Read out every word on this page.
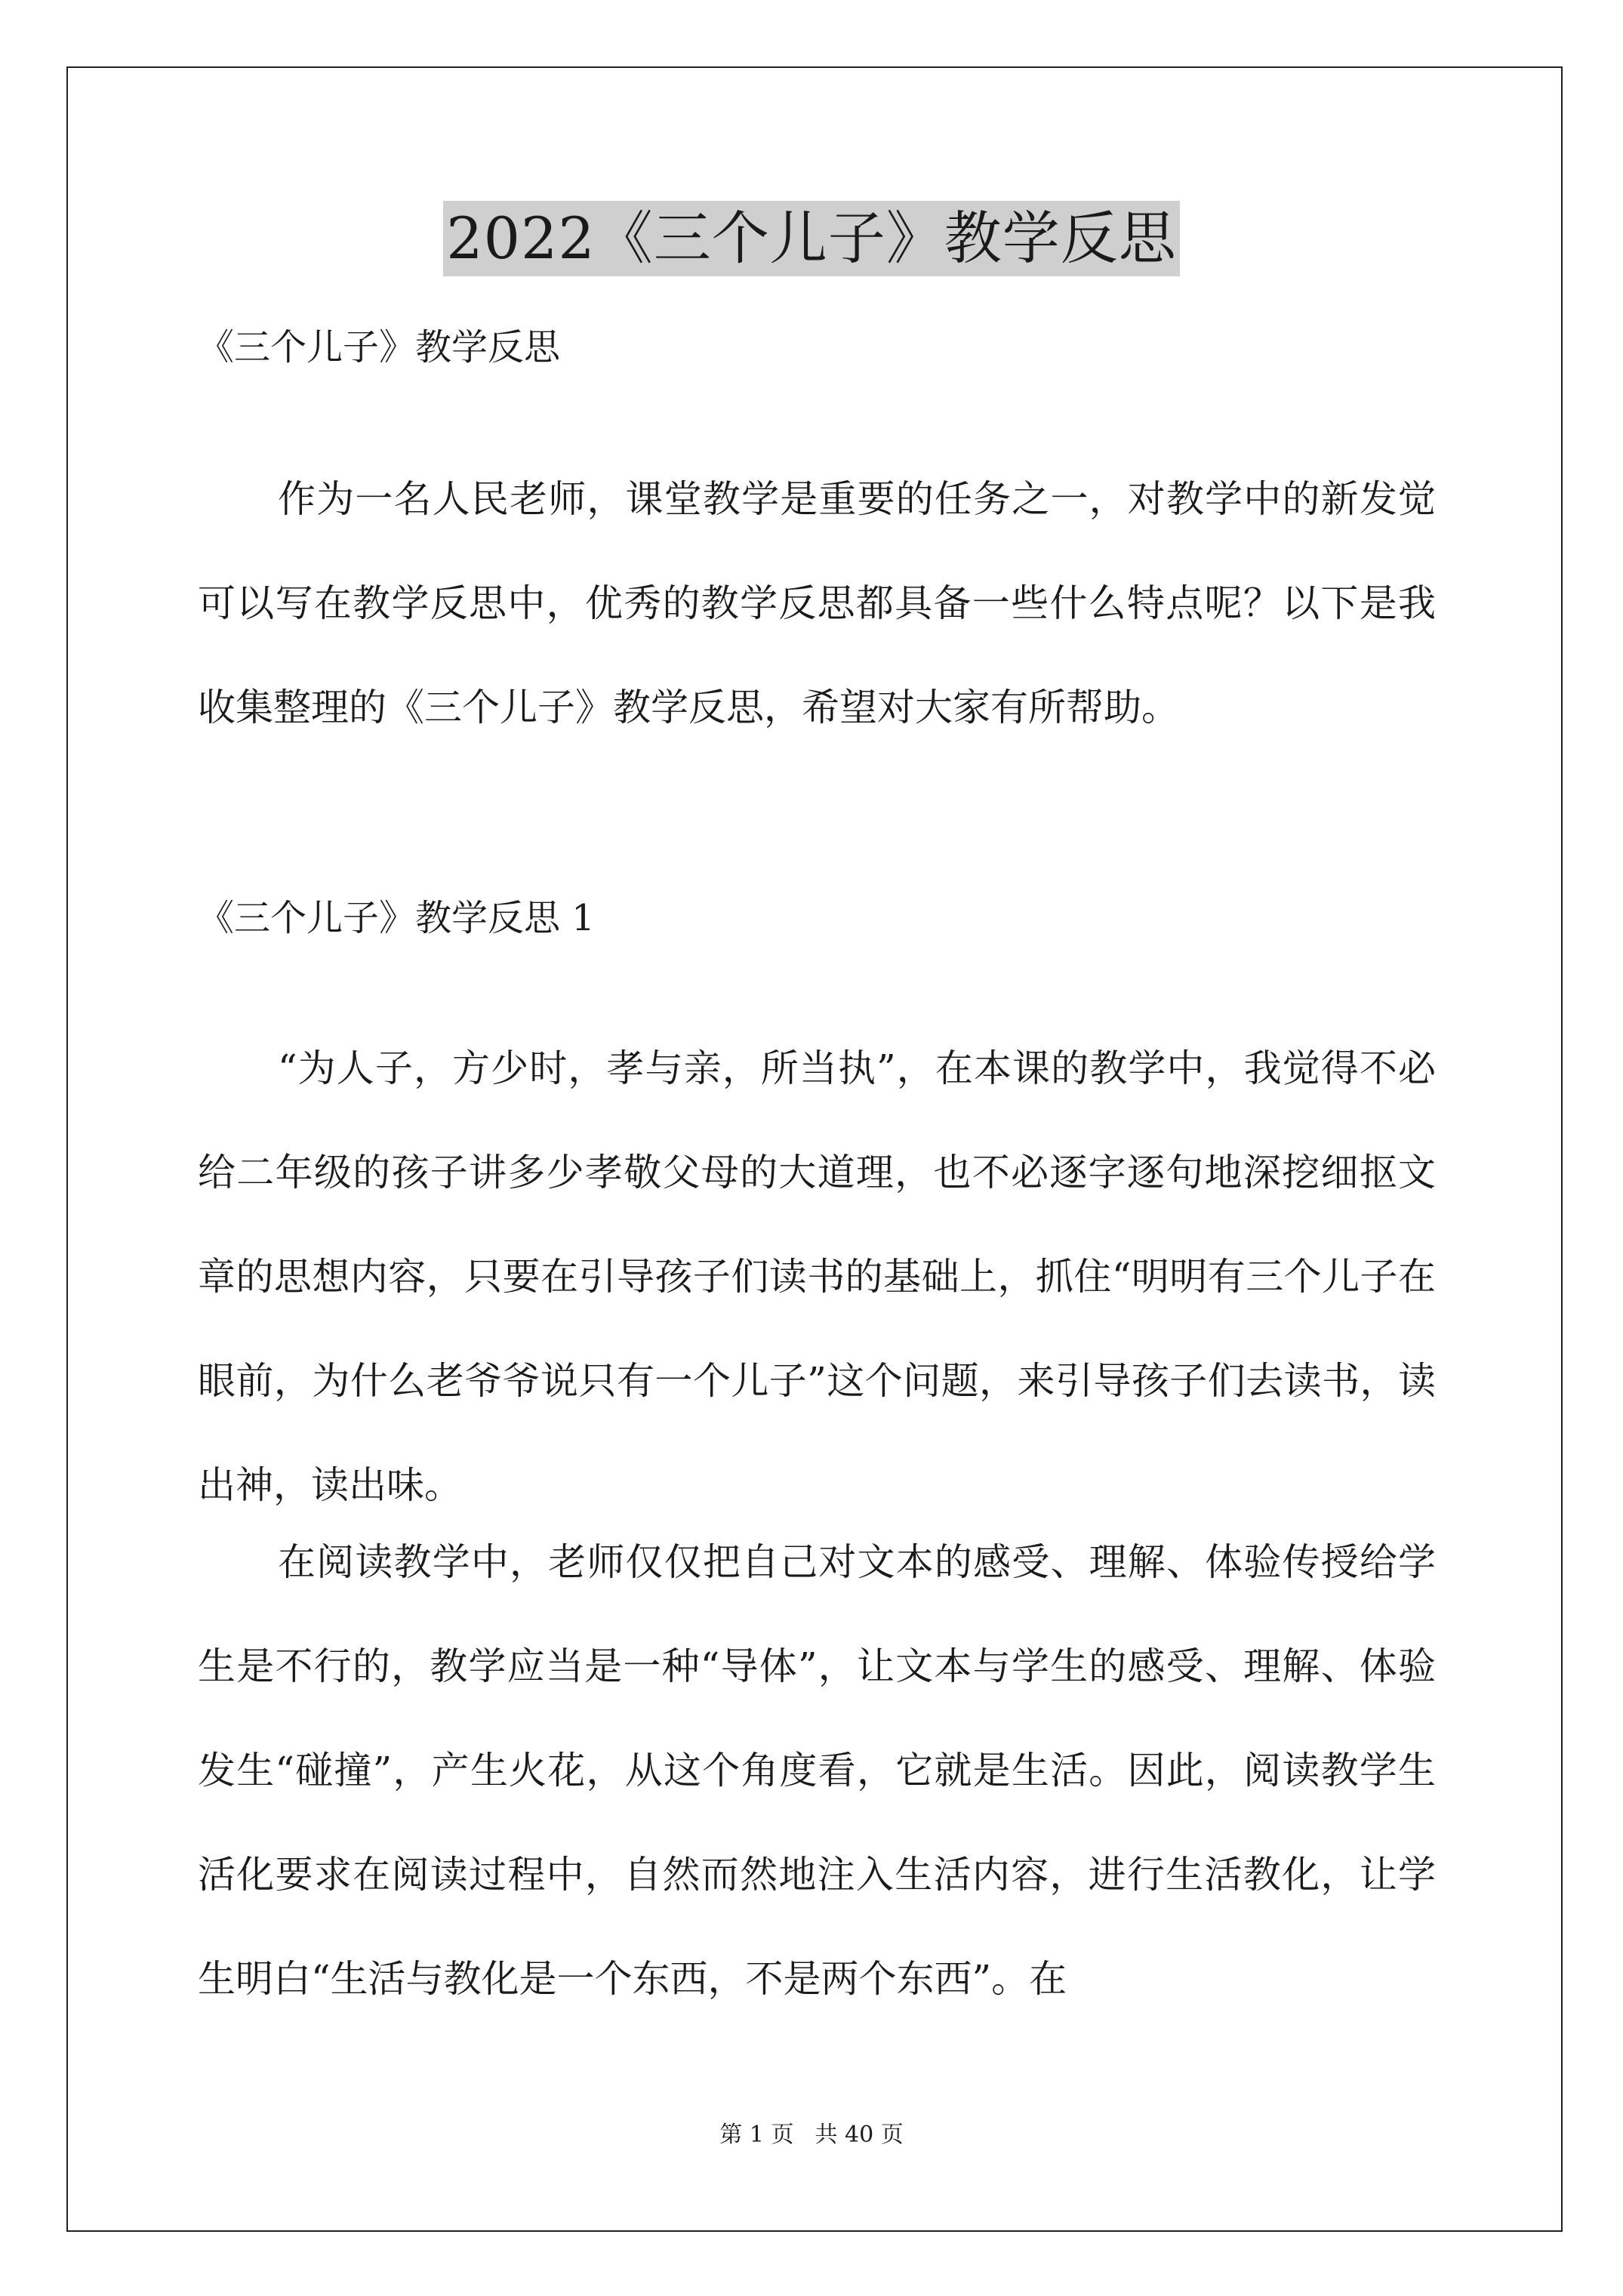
2022《三个儿子》教学反思
《三个儿子》教学反思

作为一名人民老师，课堂教学是重要的任务之一，对教学中的新发觉可以写在教学反思中，优秀的教学反思都具备一些什么特点呢？以下是我收集整理的《三个儿子》教学反思，希望对大家有所帮助。

《三个儿子》教学反思 1

“为人子，方少时，孝与亲，所当执”，在本课的教学中，我觉得不必给二年级的孩子讲多少孝敬父母的大道理，也不必逐字逐句地深挖细抠文章的思想内容，只要在引导孩子们读书的基础上，抓住“明明有三个儿子在眼前，为什么老爷爷说只有一个儿子”这个问题，来引导孩子们去读书，读出神，读出味。

在阅读教学中，老师仅仅把自己对文本的感受、理解、体验传授给学生是不行的，教学应当是一种“导体”，让文本与学生的感受、理解、体验发生“碰撞”，产生火花，从这个角度看，它就是生活。因此，阅读教学生活化要求在阅读过程中，自然而然地注入生活内容，进行生活教化，让学生明白“生活与教化是一个东西，不是两个东西”。在

第 1 页 共 40 页
